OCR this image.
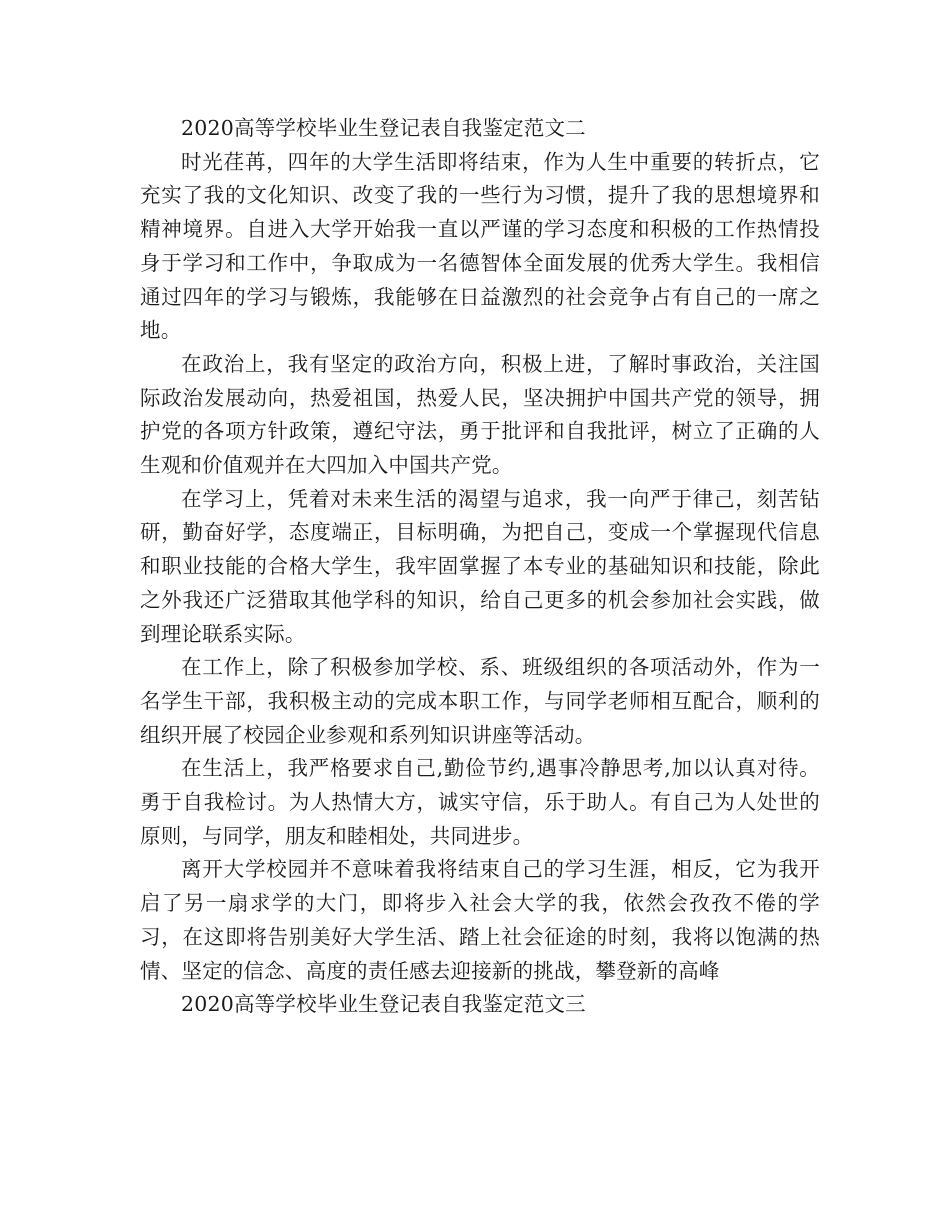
2020高等学校毕业生登记表自我鉴定范文二

时光荏苒，四年的大学生活即将结束，作为人生中重要的转折点，它充实了我的文化知识、改变了我的一些行为习惯，提升了我的思想境界和精神境界。自进入大学开始我一直以严谨的学习态度和积极的工作热情投身于学习和工作中，争取成为一名德智体全面发展的优秀大学生。我相信通过四年的学习与锻炼，我能够在日益激烈的社会竞争占有自己的一席之地。

在政治上，我有坚定的政治方向，积极上进，了解时事政治，关注国际政治发展动向，热爱祖国，热爱人民，坚决拥护中国共产党的领导，拥护党的各项方针政策，遵纪守法，勇于批评和自我批评，树立了正确的人生观和价值观并在大四加入中国共产党。

在学习上，凭着对未来生活的渴望与追求，我一向严于律己，刻苦钻研，勤奋好学，态度端正，目标明确，为把自己，变成一个掌握现代信息和职业技能的合格大学生，我牢固掌握了本专业的基础知识和技能，除此之外我还广泛猎取其他学科的知识，给自己更多的机会参加社会实践，做到理论联系实际。

在工作上，除了积极参加学校、系、班级组织的各项活动外，作为一名学生干部，我积极主动的完成本职工作，与同学老师相互配合，顺利的组织开展了校园企业参观和系列知识讲座等活动。

在生活上，我严格要求自己,勤俭节约,遇事冷静思考,加以认真对待。勇于自我检讨。为人热情大方，诚实守信，乐于助人。有自己为人处世的原则，与同学，朋友和睦相处，共同进步。

离开大学校园并不意味着我将结束自己的学习生涯，相反，它为我开启了另一扇求学的大门，即将步入社会大学的我，依然会孜孜不倦的学习，在这即将告别美好大学生活、踏上社会征途的时刻，我将以饱满的热情、坚定的信念、高度的责任感去迎接新的挑战，攀登新的高峰

2020高等学校毕业生登记表自我鉴定范文三
